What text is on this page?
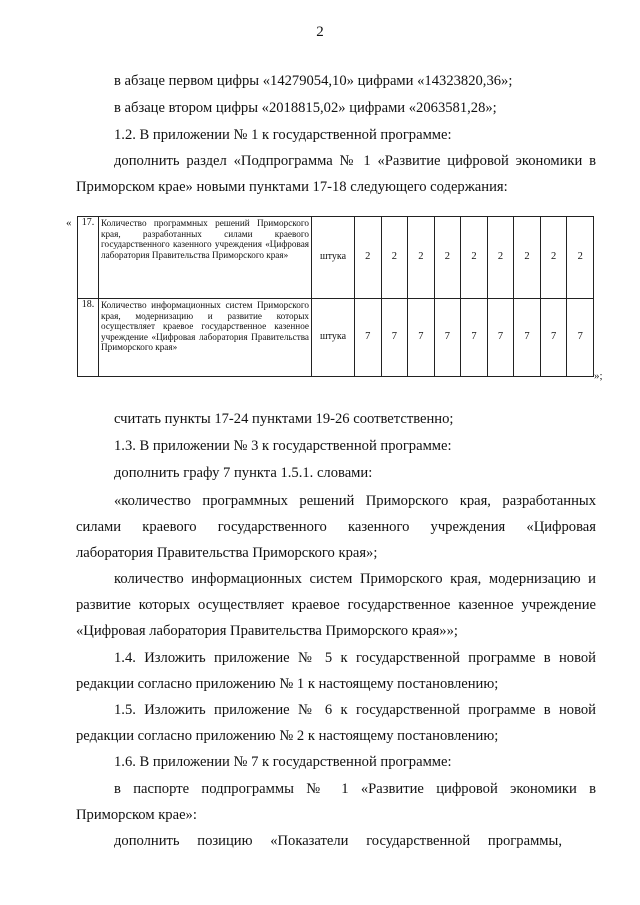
2
в абзаце первом цифры «14279054,10» цифрами «14323820,36»;
в абзаце втором цифры «2018815,02» цифрами «2063581,28»;
1.2. В приложении № 1 к государственной программе:
дополнить раздел «Подпрограмма № 1 «Развитие цифровой экономики в
Приморском крае» новыми пунктами 17-18 следующего содержания:
« 17.	Количество программных решений Приморского края, разработанных силами краевого государственного казенного учреждения «Цифровая лаборатория Правительства Приморского края»	штука	2	2	2	2	2	2	2	2	2
18.	Количество информационных систем Приморского края, модернизацию и развитие которых осуществляет краевое государственное казенное учреждение «Цифровая лаборатория Правительства Приморского края»	штука	7	7	7	7	7	7	7	7	7
»;
считать пункты 17-24 пунктами 19-26 соответственно;
1.3. В приложении № 3 к государственной программе:
дополнить графу 7 пункта 1.5.1. словами:
«количество программных решений Приморского края, разработанных
силами краевого государственного казенного учреждения «Цифровая
лаборатория Правительства Приморского края»;
количество информационных систем Приморского края, модернизацию и
развитие которых осуществляет краевое государственное казенное учреждение
«Цифровая лаборатория Правительства Приморского края»»;
1.4. Изложить приложение № 5 к государственной программе в новой
редакции согласно приложению № 1 к настоящему постановлению;
1.5. Изложить приложение № 6 к государственной программе в новой
редакции согласно приложению № 2 к настоящему постановлению;
1.6. В приложении № 7 к государственной программе:
в паспорте подпрограммы № 1 «Развитие цифровой экономики в
Приморском крае»:
дополнить позицию «Показатели государственной программы,
